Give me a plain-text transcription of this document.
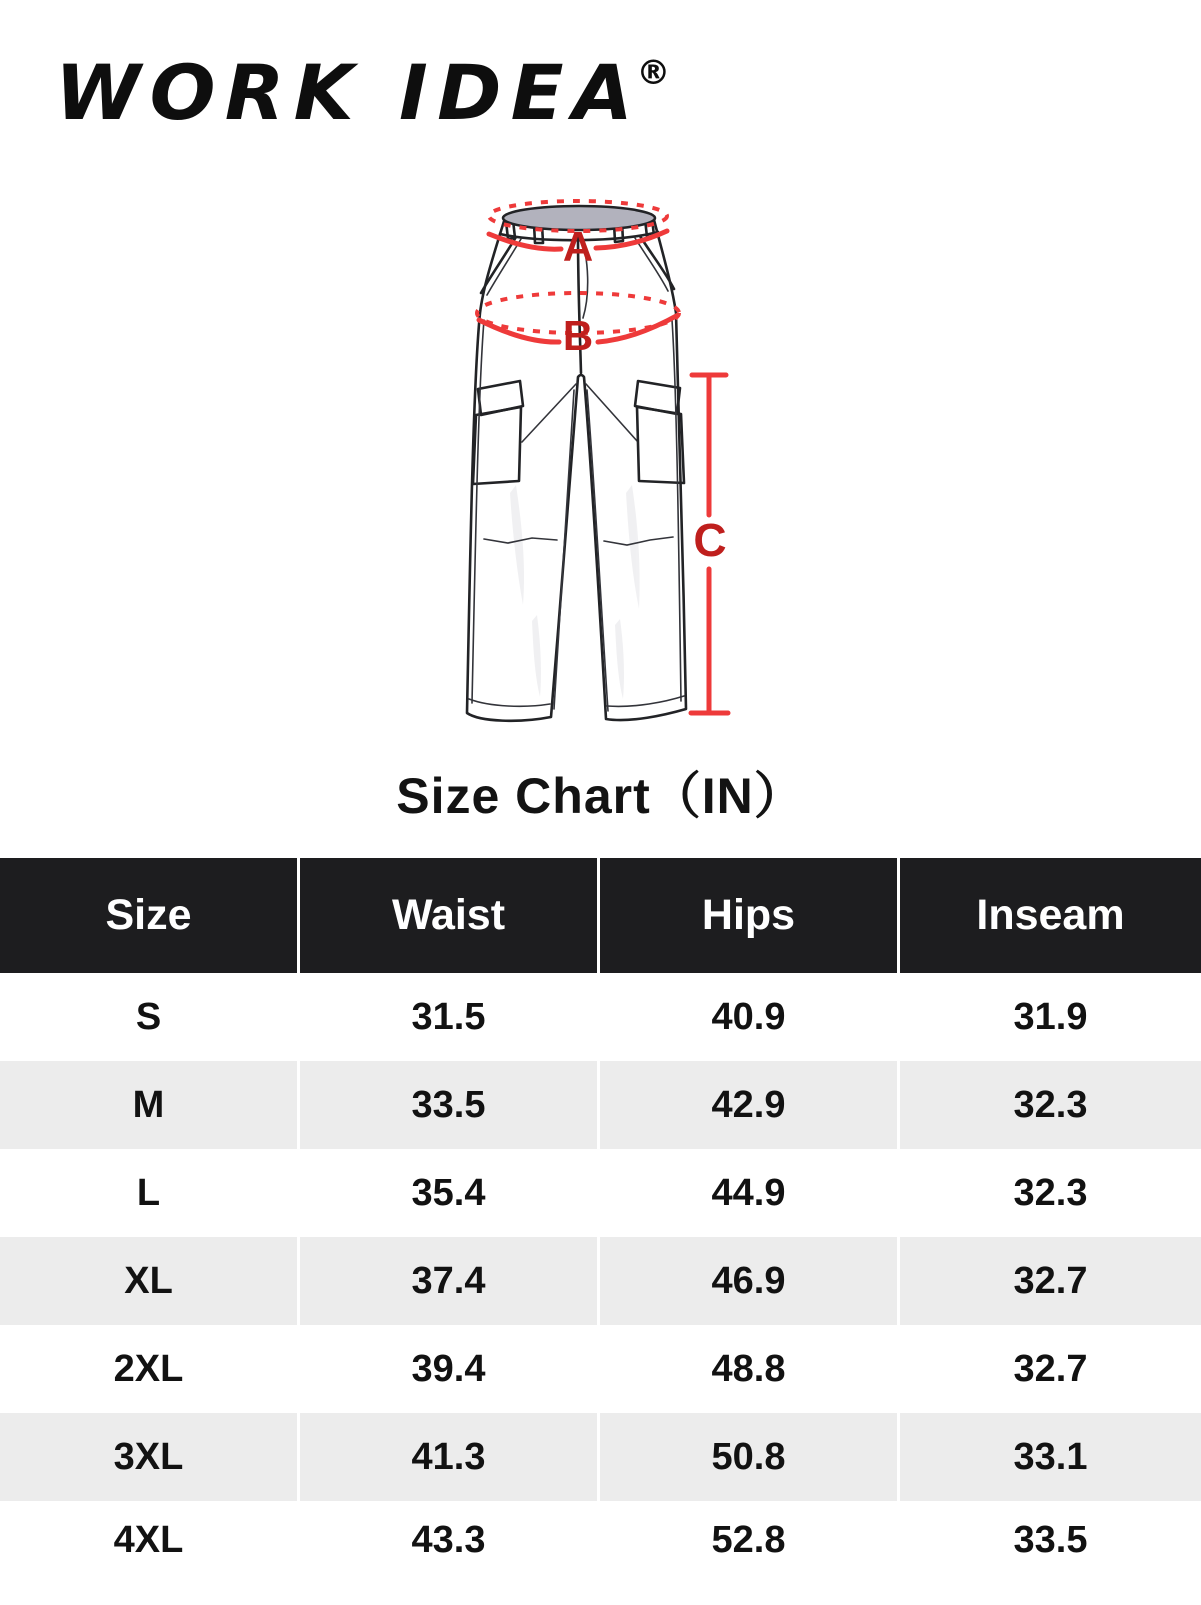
WORK IDEA
®
A
B
C
Size Chart（IN）
Size	Waist	Hips	Inseam
S	31.5	40.9	31.9
M	33.5	42.9	32.3
L	35.4	44.9	32.3
XL	37.4	46.9	32.7
2XL	39.4	48.8	32.7
3XL	41.3	50.8	33.1
4XL	43.3	52.8	33.5
